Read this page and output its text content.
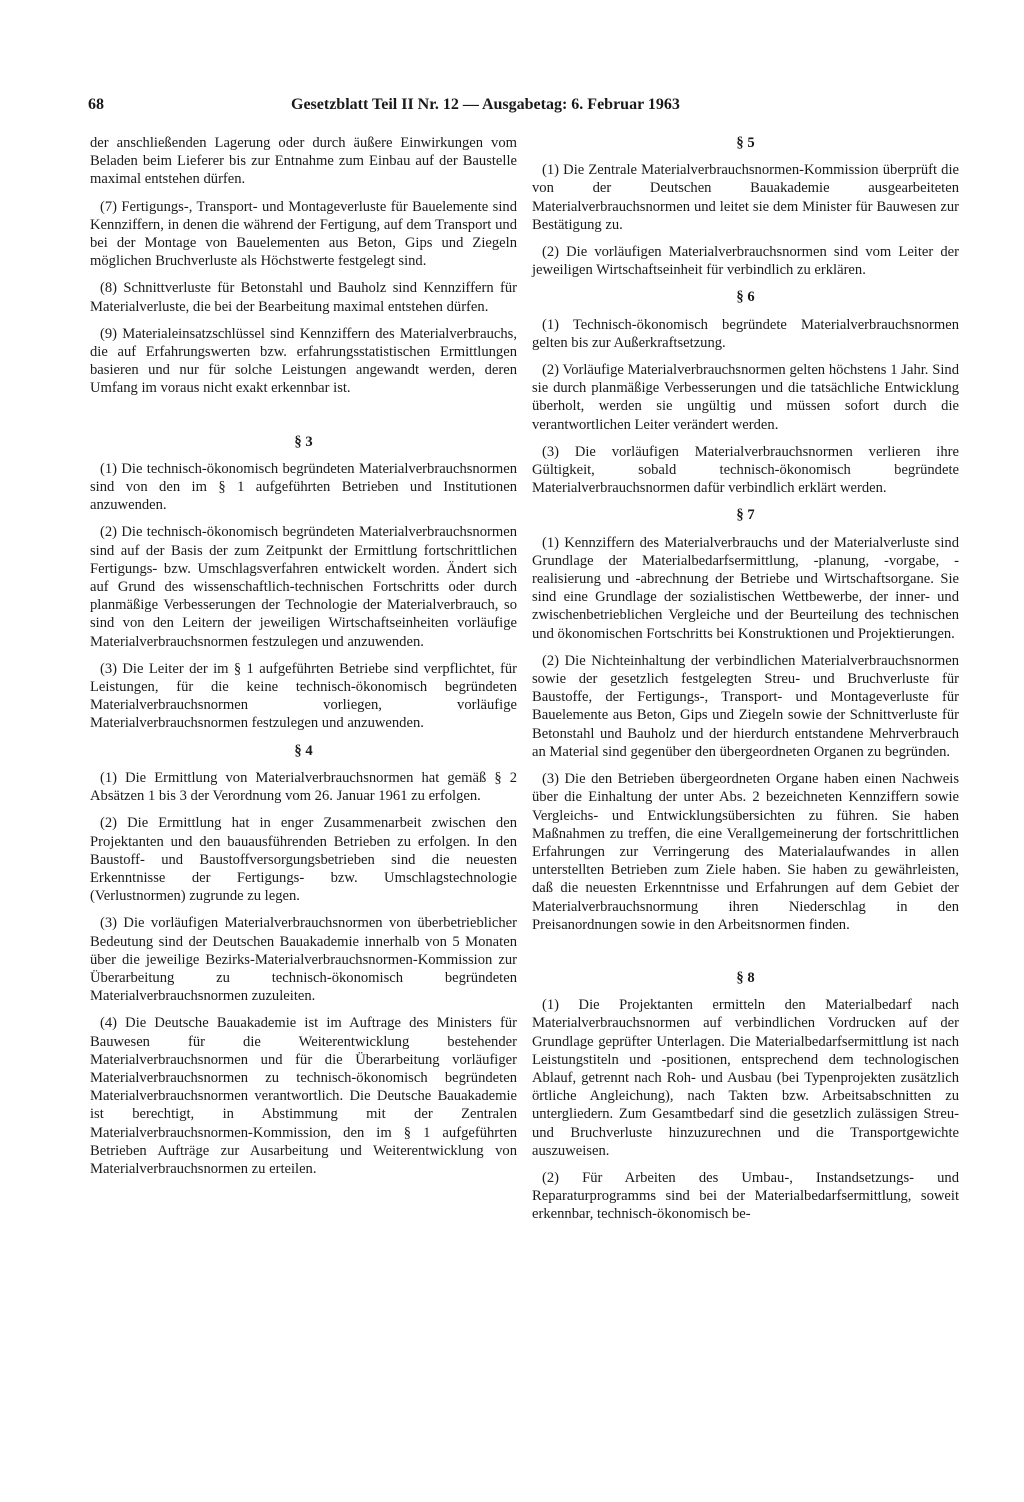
68	Gesetzblatt Teil II Nr. 12 — Ausgabetag: 6. Februar 1963

der anschließenden Lagerung oder durch äußere Einwirkungen vom Beladen beim Lieferer bis zur Entnahme zum Einbau auf der Baustelle maximal entstehen dürfen.

(7) Fertigungs-, Transport- und Montageverluste für Bauelemente sind Kennziffern, in denen die während der Fertigung, auf dem Transport und bei der Montage von Bauelementen aus Beton, Gips und Ziegeln möglichen Bruchverluste als Höchstwerte festgelegt sind.

(8) Schnittverluste für Betonstahl und Bauholz sind Kennziffern für Materialverluste, die bei der Bearbeitung maximal entstehen dürfen.

(9) Materialeinsatzschlüssel sind Kennziffern des Materialverbrauchs, die auf Erfahrungswerten bzw. erfahrungsstatistischen Ermittlungen basieren und nur für solche Leistungen angewandt werden, deren Umfang im voraus nicht exakt erkennbar ist.

§ 3

(1) Die technisch-ökonomisch begründeten Materialverbrauchsnormen sind von den im § 1 aufgeführten Betrieben und Institutionen anzuwenden.

(2) Die technisch-ökonomisch begründeten Materialverbrauchsnormen sind auf der Basis der zum Zeitpunkt der Ermittlung fortschrittlichen Fertigungs- bzw. Umschlagsverfahren entwickelt worden. Ändert sich auf Grund des wissenschaftlich-technischen Fortschritts oder durch planmäßige Verbesserungen der Technologie der Materialverbrauch, so sind von den Leitern der jeweiligen Wirtschaftseinheiten vorläufige Materialverbrauchsnormen festzulegen und anzuwenden.

(3) Die Leiter der im § 1 aufgeführten Betriebe sind verpflichtet, für Leistungen, für die keine technisch-ökonomisch begründeten Materialverbrauchsnormen vorliegen, vorläufige Materialverbrauchsnormen festzulegen und anzuwenden.

§ 4

(1) Die Ermittlung von Materialverbrauchsnormen hat gemäß § 2 Absätzen 1 bis 3 der Verordnung vom 26. Januar 1961 zu erfolgen.

(2) Die Ermittlung hat in enger Zusammenarbeit zwischen den Projektanten und den bauausführenden Betrieben zu erfolgen. In den Baustoff- und Baustoffversorgungsbetrieben sind die neuesten Erkenntnisse der Fertigungs- bzw. Umschlagstechnologie (Verlustnormen) zugrunde zu legen.

(3) Die vorläufigen Materialverbrauchsnormen von überbetrieblicher Bedeutung sind der Deutschen Bauakademie innerhalb von 5 Monaten über die jeweilige Bezirks-Materialverbrauchsnormen-Kommission zur Überarbeitung zu technisch-ökonomisch begründeten Materialverbrauchsnormen zuzuleiten.

(4) Die Deutsche Bauakademie ist im Auftrage des Ministers für Bauwesen für die Weiterentwicklung bestehender Materialverbrauchsnormen und für die Überarbeitung vorläufiger Materialverbrauchsnormen zu technisch-ökonomisch begründeten Materialverbrauchsnormen verantwortlich. Die Deutsche Bauakademie ist berechtigt, in Abstimmung mit der Zentralen Materialverbrauchsnormen-Kommission, den im § 1 aufgeführten Betrieben Aufträge zur Ausarbeitung und Weiterentwicklung von Materialverbrauchsnormen zu erteilen.

§ 5

(1) Die Zentrale Materialverbrauchsnormen-Kommission überprüft die von der Deutschen Bauakademie ausgearbeiteten Materialverbrauchsnormen und leitet sie dem Minister für Bauwesen zur Bestätigung zu.

(2) Die vorläufigen Materialverbrauchsnormen sind vom Leiter der jeweiligen Wirtschaftseinheit für verbindlich zu erklären.

§ 6

(1) Technisch-ökonomisch begründete Materialverbrauchsnormen gelten bis zur Außerkraftsetzung.

(2) Vorläufige Materialverbrauchsnormen gelten höchstens 1 Jahr. Sind sie durch planmäßige Verbesserungen und die tatsächliche Entwicklung überholt, werden sie ungültig und müssen sofort durch die verantwortlichen Leiter verändert werden.

(3) Die vorläufigen Materialverbrauchsnormen verlieren ihre Gültigkeit, sobald technisch-ökonomisch begründete Materialverbrauchsnormen dafür verbindlich erklärt werden.

§ 7

(1) Kennziffern des Materialverbrauchs und der Materialverluste sind Grundlage der Materialbedarfsermittlung, -planung, -vorgabe, -realisierung und -abrechnung der Betriebe und Wirtschaftsorgane. Sie sind eine Grundlage der sozialistischen Wettbewerbe, der inner- und zwischenbetrieblichen Vergleiche und der Beurteilung des technischen und ökonomischen Fortschritts bei Konstruktionen und Projektierungen.

(2) Die Nichteinhaltung der verbindlichen Materialverbrauchsnormen sowie der gesetzlich festgelegten Streu- und Bruchverluste für Baustoffe, der Fertigungs-, Transport- und Montageverluste für Bauelemente aus Beton, Gips und Ziegeln sowie der Schnittverluste für Betonstahl und Bauholz und der hierdurch entstandene Mehrverbrauch an Material sind gegenüber den übergeordneten Organen zu begründen.

(3) Die den Betrieben übergeordneten Organe haben einen Nachweis über die Einhaltung der unter Abs. 2 bezeichneten Kennziffern sowie Vergleichs- und Entwicklungsübersichten zu führen. Sie haben Maßnahmen zu treffen, die eine Verallgemeinerung der fortschrittlichen Erfahrungen zur Verringerung des Materialaufwandes in allen unterstellten Betrieben zum Ziele haben. Sie haben zu gewährleisten, daß die neuesten Erkenntnisse und Erfahrungen auf dem Gebiet der Materialverbrauchsnormung ihren Niederschlag in den Preisanordnungen sowie in den Arbeitsnormen finden.

§ 8

(1) Die Projektanten ermitteln den Materialbedarf nach Materialverbrauchsnormen auf verbindlichen Vordrucken auf der Grundlage geprüfter Unterlagen. Die Materialbedarfsermittlung ist nach Leistungstiteln und -positionen, entsprechend dem technologischen Ablauf, getrennt nach Roh- und Ausbau (bei Typenprojekten zusätzlich örtliche Angleichung), nach Takten bzw. Arbeitsabschnitten zu untergliedern. Zum Gesamtbedarf sind die gesetzlich zulässigen Streu- und Bruchverluste hinzuzurechnen und die Transportgewichte auszuweisen.

(2) Für Arbeiten des Umbau-, Instandsetzungs- und Reparaturprogramms sind bei der Materialbedarfsermittlung, soweit erkennbar, technisch-ökonomisch be-
